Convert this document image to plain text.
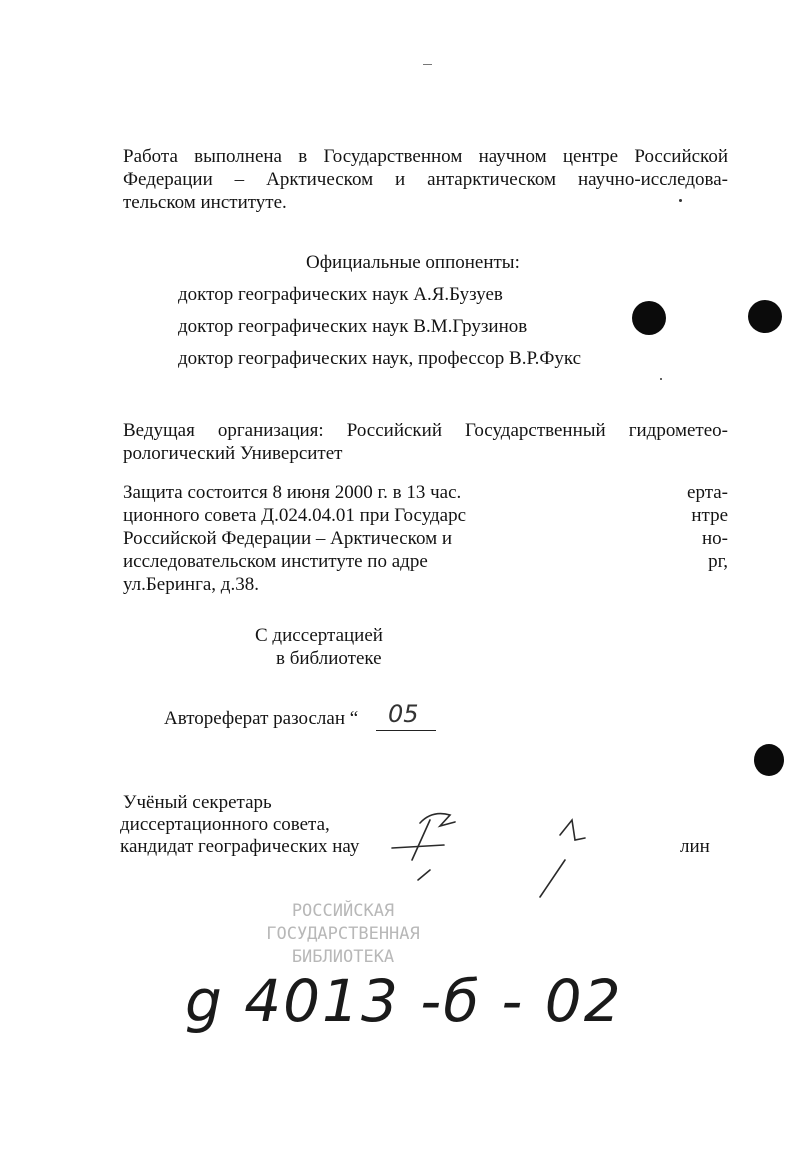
Работа выполнена в Государственном научном центре Российской
Федерации – Арктическом и антарктическом научно-исследова-
тельском институте.
Официальные оппоненты:
доктор географических наук А.Я.Бузуев
доктор географических наук В.М.Грузинов
доктор географических наук, профессор В.Р.Фукс
Ведущая организация: Российский Государственный гидрометео-
рологический Университет
Защита состоится 8 июня 2000 г. в 13 час.	ерта-
ционного совета Д.024.04.01 при Государс	нтре
Российской Федерации – Арктическом и	но-
исследовательском институте по адре	рг,
ул.Беринга, д.38.
С диссертацией
в библиотеке
Автореферат разослан “ 05
Учёный секретарь
диссертационного совета,
кандидат географических нау	лин
РОССИЙСКАЯ
ГОСУДАРСТВЕННАЯ
БИБЛИОТЕКА
g 4013 -б - 02
